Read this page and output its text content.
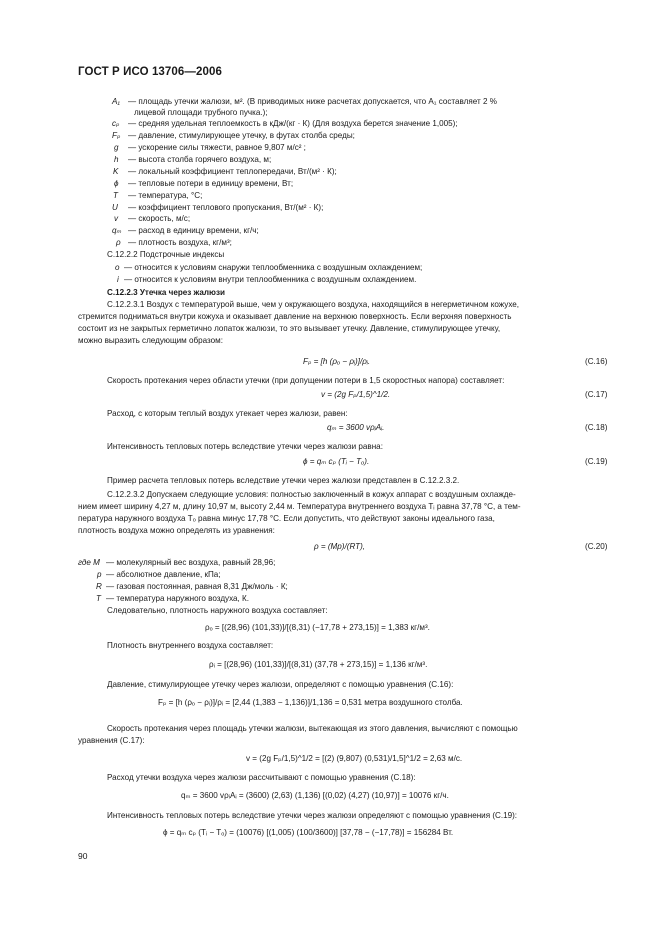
ГОСТ Р ИСО 13706—2006
A₁ — площадь утечки жалюзи, м². (В приводимых ниже расчетах допускается, что A₁ составляет 2 %
лицевой площади трубного пучка.);
cₚ — средняя удельная теплоемкость в кДж/(кг · К) (Для воздуха берется значение 1,005);
Fₚ — давление, стимулирующее утечку, в футах столба среды;
g — ускорение силы тяжести, равное 9,807 м/с² ;
h — высота столба горячего воздуха, м;
K — локальный коэффициент теплопередачи, Вт/(м² · К);
ϕ — тепловые потери в единицу времени, Вт;
T — температура, °С;
U — коэффициент теплового пропускания, Вт/(м² · К);
v — скорость, м/с;
qₘ — расход в единицу времени, кг/ч;
ρ — плотность воздуха, кг/м³;
С.12.2.2 Подстрочные индексы
o — относится к условиям снаружи теплообменника с воздушным охлаждением;
i — относится к условиям внутри теплообменника с воздушным охлаждением.
С.12.2.3 Утечка через жалюзи
С.12.2.3.1 Воздух с температурой выше, чем у окружающего воздуха, находящийся в негерметичном кожухе,
стремится подниматься внутри кожуха и оказывает давление на верхнюю поверхность. Если верхняя поверхность
состоит из не закрытых герметично лопаток жалюзи, то это вызывает утечку. Давление, стимулирующее утечку,
можно выразить следующим образом:
Fₚ = [h (ρₒ − ρᵢ)]/ρᵢ.	(С.16)
Скорость протекания через области утечки (при допущении потери в 1,5 скоростных напора) составляет:
v = (2g Fₚ/1,5)^1/2.	(С.17)
Расход, с которым теплый воздух утекает через жалюзи, равен:
qₘ = 3600 vρᵢAᵢ.	(С.18)
Интенсивность тепловых потерь вследствие утечки через жалюзи равна:
ϕ = qₘ cₚ (Tᵢ − Tₒ).	(С.19)
Пример расчета тепловых потерь вследствие утечки через жалюзи представлен в С.12.2.3.2.
С.12.2.3.2 Допускаем следующие условия: полностью заключенный в кожух аппарат с воздушным охлажде-
нием имеет ширину 4,27 м, длину 10,97 м, высоту 2,44 м. Температура внутреннего воздуха Tᵢ равна 37,78 °С, а тем-
пература наружного воздуха Tₒ равна минус 17,78 °С. Если допустить, что действуют законы идеального газа,
плотность воздуха можно определять из уравнения:
ρ = (Mp)/(RT),	(С.20)
где M — молекулярный вес воздуха, равный 28,96;
p — абсолютное давление, кПа;
R — газовая постоянная, равная 8,31 Дж/моль · К;
T — температура наружного воздуха, К.
Следовательно, плотность наружного воздуха составляет:
ρₒ = [(28,96) (101,33)]/[(8,31) (−17,78 + 273,15)] = 1,383 кг/м³.
Плотность внутреннего воздуха составляет:
ρᵢ = [(28,96) (101,33)]/[(8,31) (37,78 + 273,15)] = 1,136 кг/м³.
Давление, стимулирующее утечку через жалюзи, определяют с помощью уравнения (С.16):
Fₚ = [h (ρₒ − ρᵢ)]/ρᵢ = [2,44 (1,383 − 1,136)]/1,136 = 0,531 метра воздушного столба.
Скорость протекания через площадь утечки жалюзи, вытекающая из этого давления, вычисляют с помощью
уравнения (С.17):
v = (2g Fₚ/1,5)^1/2 = [(2) (9,807) (0,531)/1,5]^1/2 = 2,63 м/с.
Расход утечки воздуха через жалюзи рассчитывают с помощью уравнения (С.18):
qₘ = 3600 vρᵢAᵢ = (3600) (2,63) (1,136) [(0,02) (4,27) (10,97)] = 10076 кг/ч.
Интенсивность тепловых потерь вследствие утечки через жалюзи определяют с помощью уравнения (С.19):
ϕ = qₘ cₚ (Tᵢ − Tₒ) = (10076) [(1,005) (100/3600)] [37,78 − (−17,78)] = 156284 Вт.
90
